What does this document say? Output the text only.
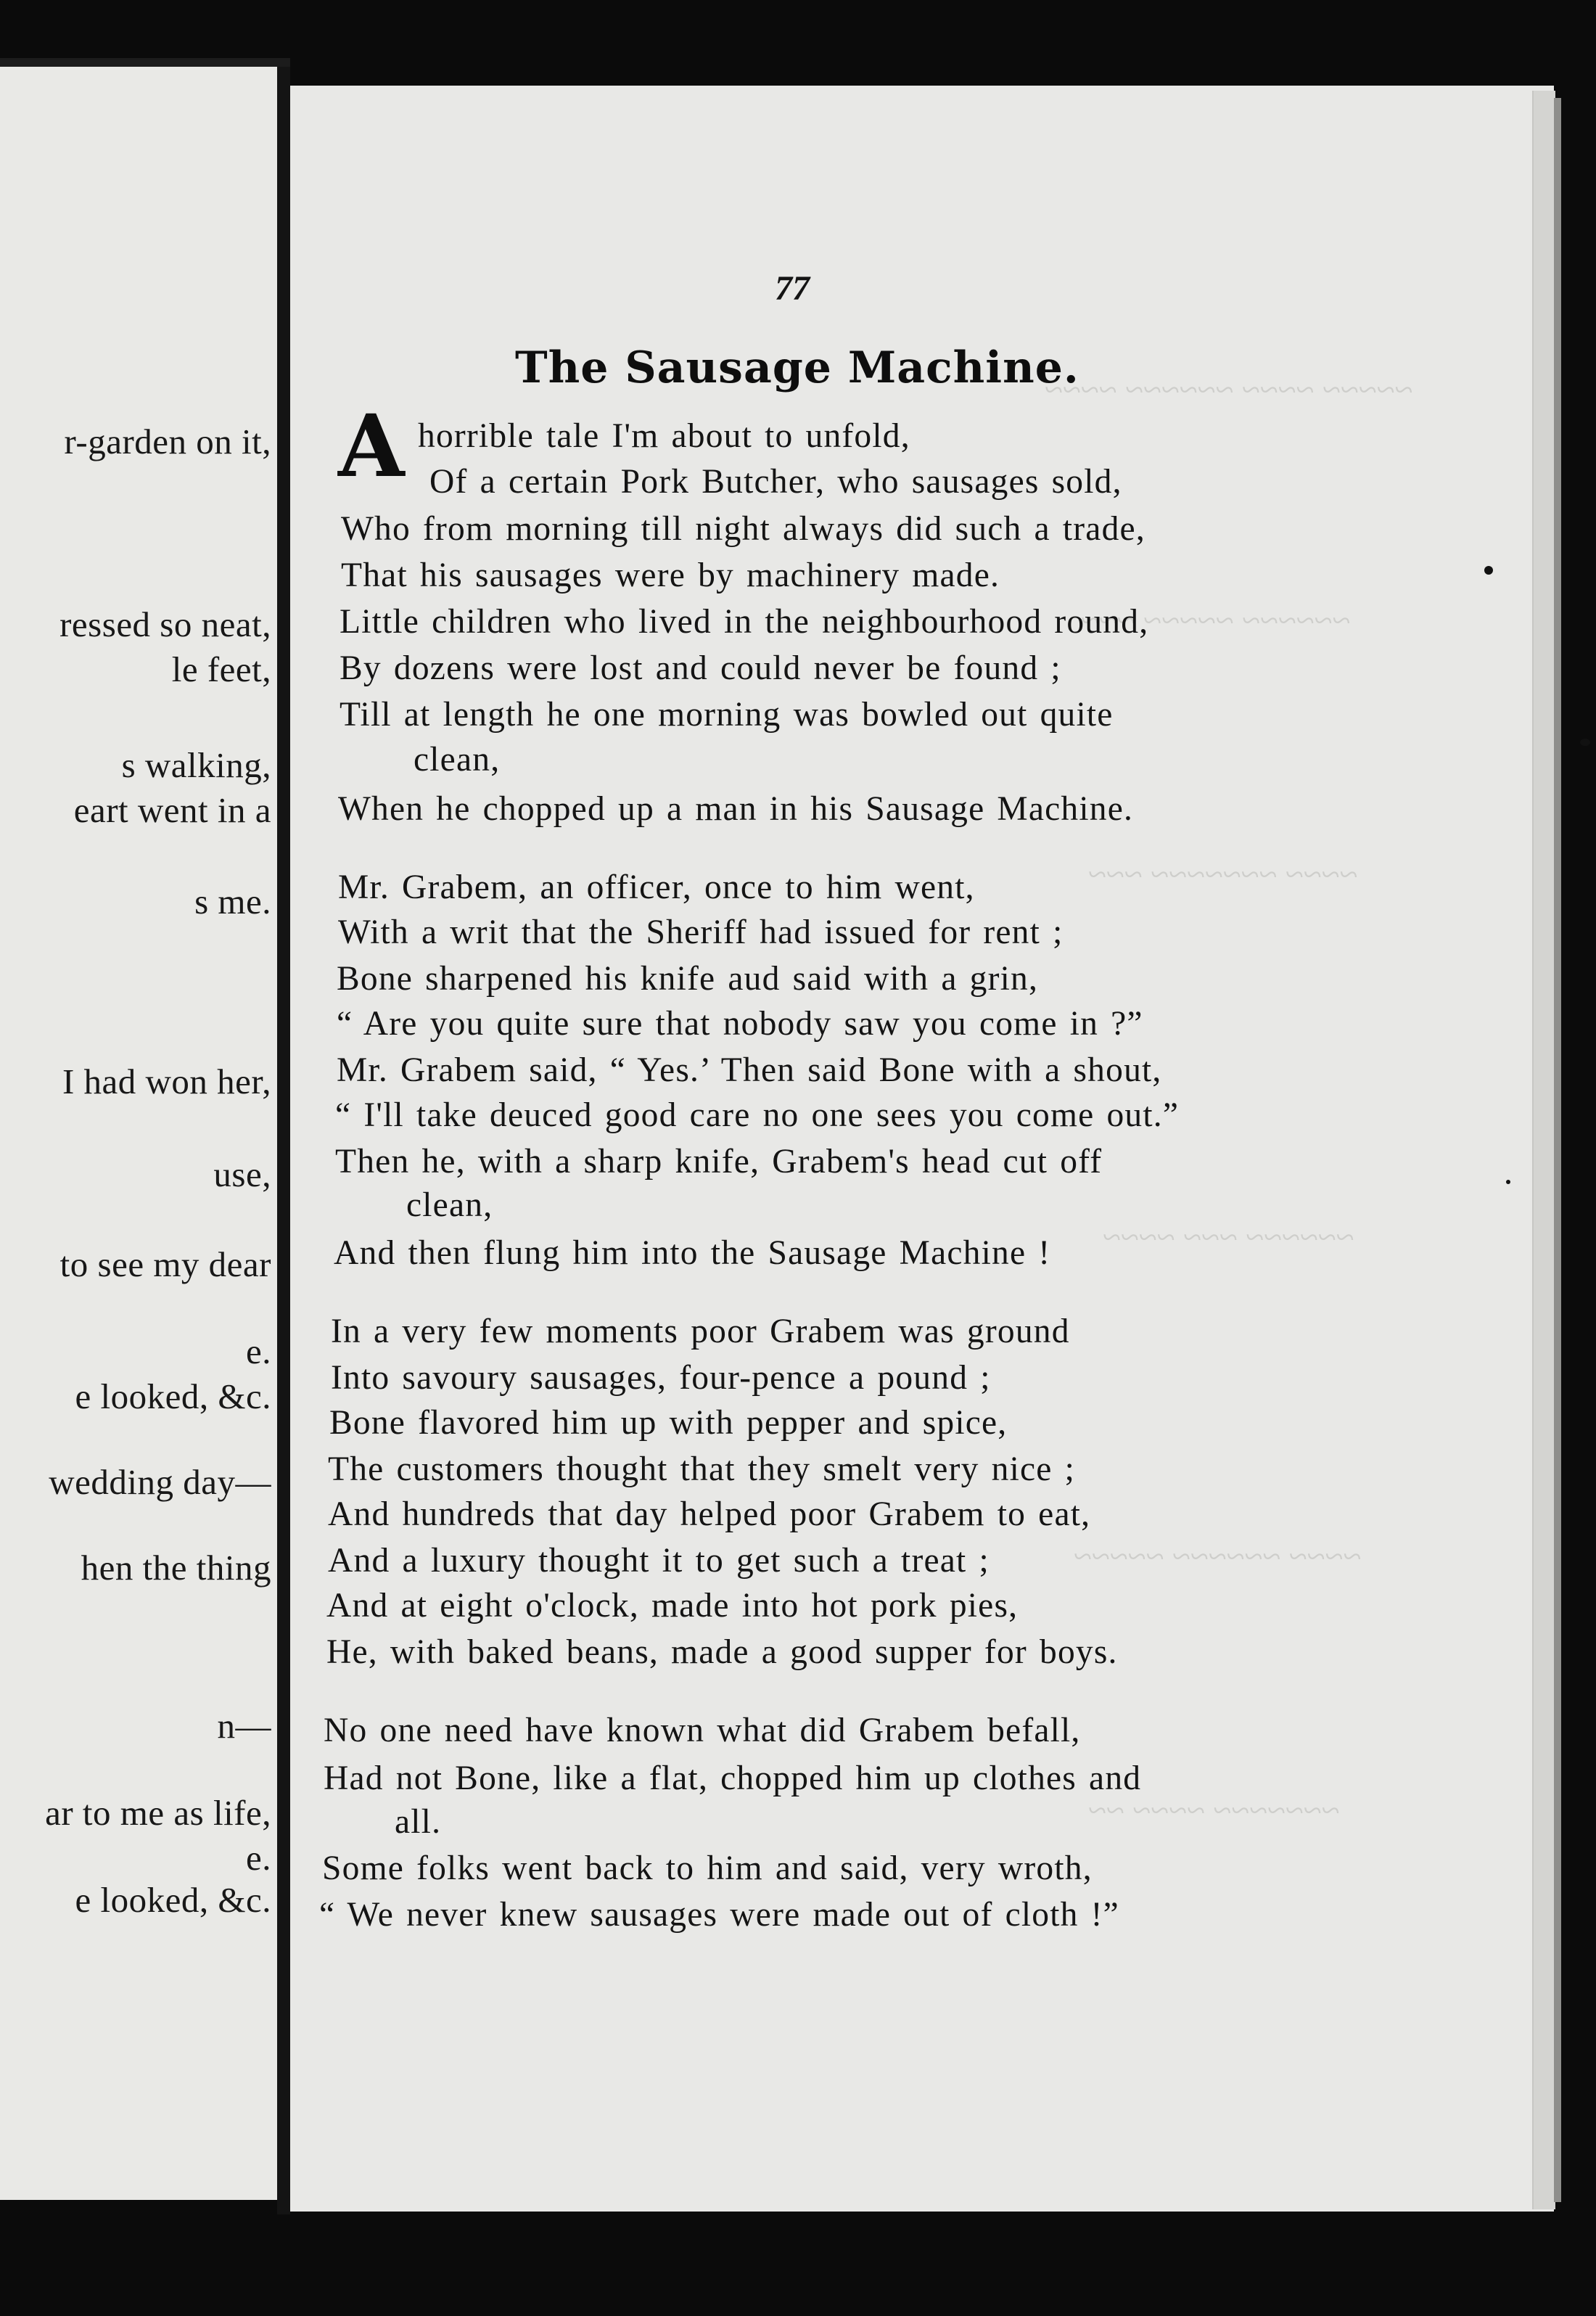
r-garden on it,
ressed so neat,
le feet,
s walking,
eart went in a
s me.
I had won her,
use,
to see my dear
e.
e looked, &c.
wedding day—
hen the thing
n—
ar to me as life,
e.
e looked, &c.
~~~~~ ~~~~ ~~~~~~ ~~~~
~~~~~~ ~~~~~ ~~~
~~~~ ~~~~~~~ ~~~
~~~~~~ ~~~ ~~~~
~~~~ ~~~~~~ ~~~~~
~~~~~~~ ~~~~ ~~
77
The Sausage Machine.
A horrible tale I'm about to unfold,
Of a certain Pork Butcher, who sausages sold,
Who from morning till night always did such a trade,
That his sausages were by machinery made.
Little children who lived in the neighbourhood round,
By dozens were lost and could never be found ;
Till at length he one morning was bowled out quite
clean,
When he chopped up a man in his Sausage Machine.
Mr. Grabem, an officer, once to him went,
With a writ that the Sheriff had issued for rent ;
Bone sharpened his knife aud said with a grin,
“ Are you quite sure that nobody saw you come in ?”
Mr. Grabem said, “ Yes.’ Then said Bone with a shout,
“ I'll take deuced good care no one sees you come out.”
Then he, with a sharp knife, Grabem's head cut off
clean,
And then flung him into the Sausage Machine !
In a very few moments poor Grabem was ground
Into savoury sausages, four-pence a pound ;
Bone flavored him up with pepper and spice,
The customers thought that they smelt very nice ;
And hundreds that day helped poor Grabem to eat,
And a luxury thought it to get such a treat ;
And at eight o'clock, made into hot pork pies,
He, with baked beans, made a good supper for boys.
No one need have known what did Grabem befall,
Had not Bone, like a flat, chopped him up clothes and
all.
Some folks went back to him and said, very wroth,
“ We never knew sausages were made out of cloth !”
